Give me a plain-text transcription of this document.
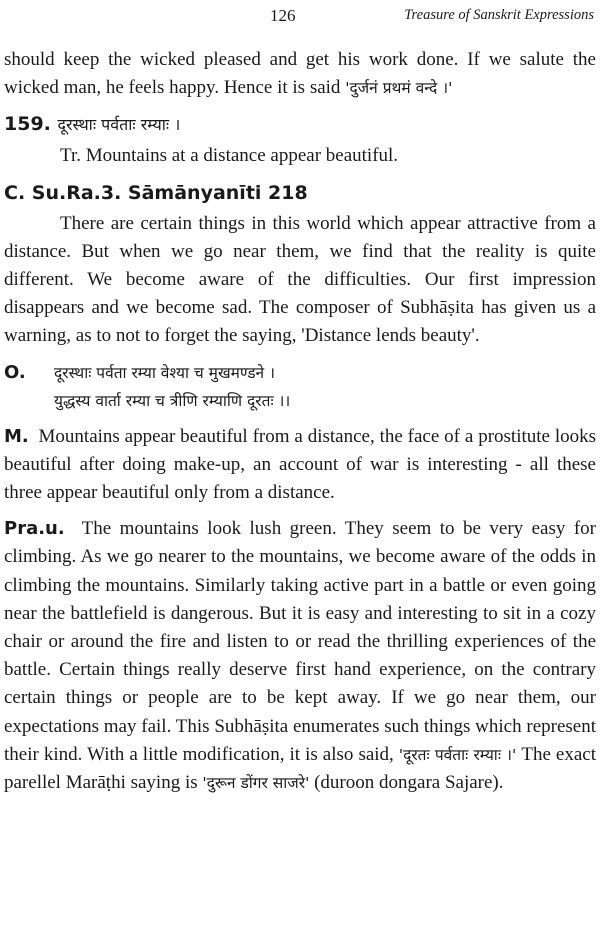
126	Treasure of Sanskrit Expressions

should keep the wicked pleased and get his work done. If we salute the wicked man, he feels happy. Hence it is said 'दुर्जनं प्रथमं वन्दे ।'

159. दूरस्थाः पर्वताः रम्याः ।

Tr. Mountains at a distance appear beautiful.

C. Su.Ra.3. Sāmānyanīti 218

There are certain things in this world which appear attractive from a distance. But when we go near them, we find that the reality is quite different. We become aware of the difficulties. Our first impression disappears and we become sad. The composer of Subhāṣita has given us a warning, as to not to forget the saying, 'Distance lends beauty'.

O. दूरस्थाः पर्वता रम्या वेश्या च मुखमण्डने ।
युद्धस्य वार्ता रम्या च त्रीणि रम्याणि दूरतः ।।

M. Mountains appear beautiful from a distance, the face of a prostitute looks beautiful after doing make-up, an account of war is interesting - all these three appear beautiful only from a distance.

Pra.u. The mountains look lush green. They seem to be very easy for climbing. As we go nearer to the mountains, we become aware of the odds in climbing the mountains. Similarly taking active part in a battle or even going near the battlefield is dangerous. But it is easy and interesting to sit in a cozy chair or around the fire and listen to or read the thrilling experiences of the battle. Certain things really deserve first hand experience, on the contrary certain things or people are to be kept away. If we go near them, our expectations may fail. This Subhāṣita enumerates such things which represent their kind. With a little modification, it is also said, 'दूरतः पर्वताः रम्याः ।' The exact parellel Marāṭhi saying is 'दुरून डोंगर साजरे' (duroon dongara Sajare).
